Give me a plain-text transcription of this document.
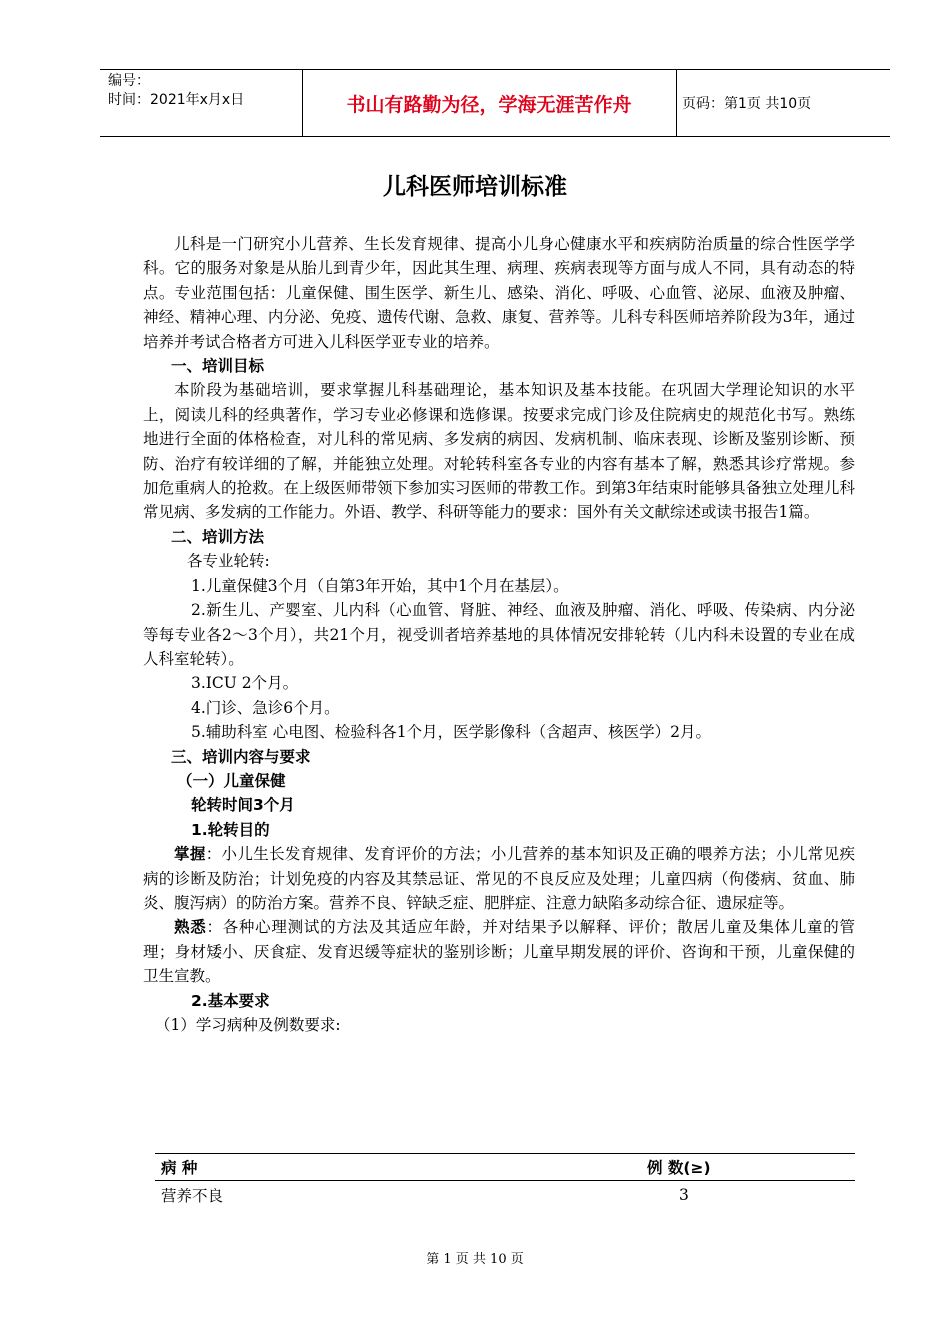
编号：
时间：2021年x月x日	书山有路勤为径，学海无涯苦作舟	页码：第1页 共10页
儿科医师培训标准

儿科是一门研究小儿营养、生长发育规律、提高小儿身心健康水平和疾病防治质量的综合性医学学科。它的服务对象是从胎儿到青少年，因此其生理、病理、疾病表现等方面与成人不同，具有动态的特点。专业范围包括：儿童保健、围生医学、新生儿、感染、消化、呼吸、心血管、泌尿、血液及肿瘤、神经、精神心理、内分泌、免疫、遗传代谢、急救、康复、营养等。儿科专科医师培养阶段为3年，通过培养并考试合格者方可进入儿科医学亚专业的培养。

一、培训目标

本阶段为基础培训，要求掌握儿科基础理论，基本知识及基本技能。在巩固大学理论知识的水平上，阅读儿科的经典著作，学习专业必修课和选修课。按要求完成门诊及住院病史的规范化书写。熟练地进行全面的体格检查，对儿科的常见病、多发病的病因、发病机制、临床表现、诊断及鉴别诊断、预防、治疗有较详细的了解，并能独立处理。对轮转科室各专业的内容有基本了解，熟悉其诊疗常规。参加危重病人的抢救。在上级医师带领下参加实习医师的带教工作。到第3年结束时能够具备独立处理儿科常见病、多发病的工作能力。外语、教学、科研等能力的要求：国外有关文献综述或读书报告1篇。

二、培训方法

各专业轮转:

1.儿童保健3个月（自第3年开始，其中1个月在基层）。

2.新生儿、产婴室、儿内科（心血管、肾脏、神经、血液及肿瘤、消化、呼吸、传染病、内分泌等每专业各2～3个月），共21个月，视受训者培养基地的具体情况安排轮转（儿内科未设置的专业在成人科室轮转）。

3.ICU 2个月。

4.门诊、急诊6个月。

5.辅助科室 心电图、检验科各1个月，医学影像科（含超声、核医学）2月。

三、培训内容与要求

（一）儿童保健

轮转时间3个月

1.轮转目的

掌握：小儿生长发育规律、发育评价的方法；小儿营养的基本知识及正确的喂养方法；小儿常见疾病的诊断及防治；计划免疫的内容及其禁忌证、常见的不良反应及处理；儿童四病（佝偻病、贫血、肺炎、腹泻病）的防治方案。营养不良、锌缺乏症、肥胖症、注意力缺陷多动综合征、遗尿症等。

熟悉：各种心理测试的方法及其适应年龄，并对结果予以解释、评价；散居儿童及集体儿童的管理；身材矮小、厌食症、发育迟缓等症状的鉴别诊断；儿童早期发展的评价、咨询和干预，儿童保健的卫生宣教。

2.基本要求

（1）学习病种及例数要求:

病 种	例 数(≥)
营养不良	3
第 1 页 共 10 页
